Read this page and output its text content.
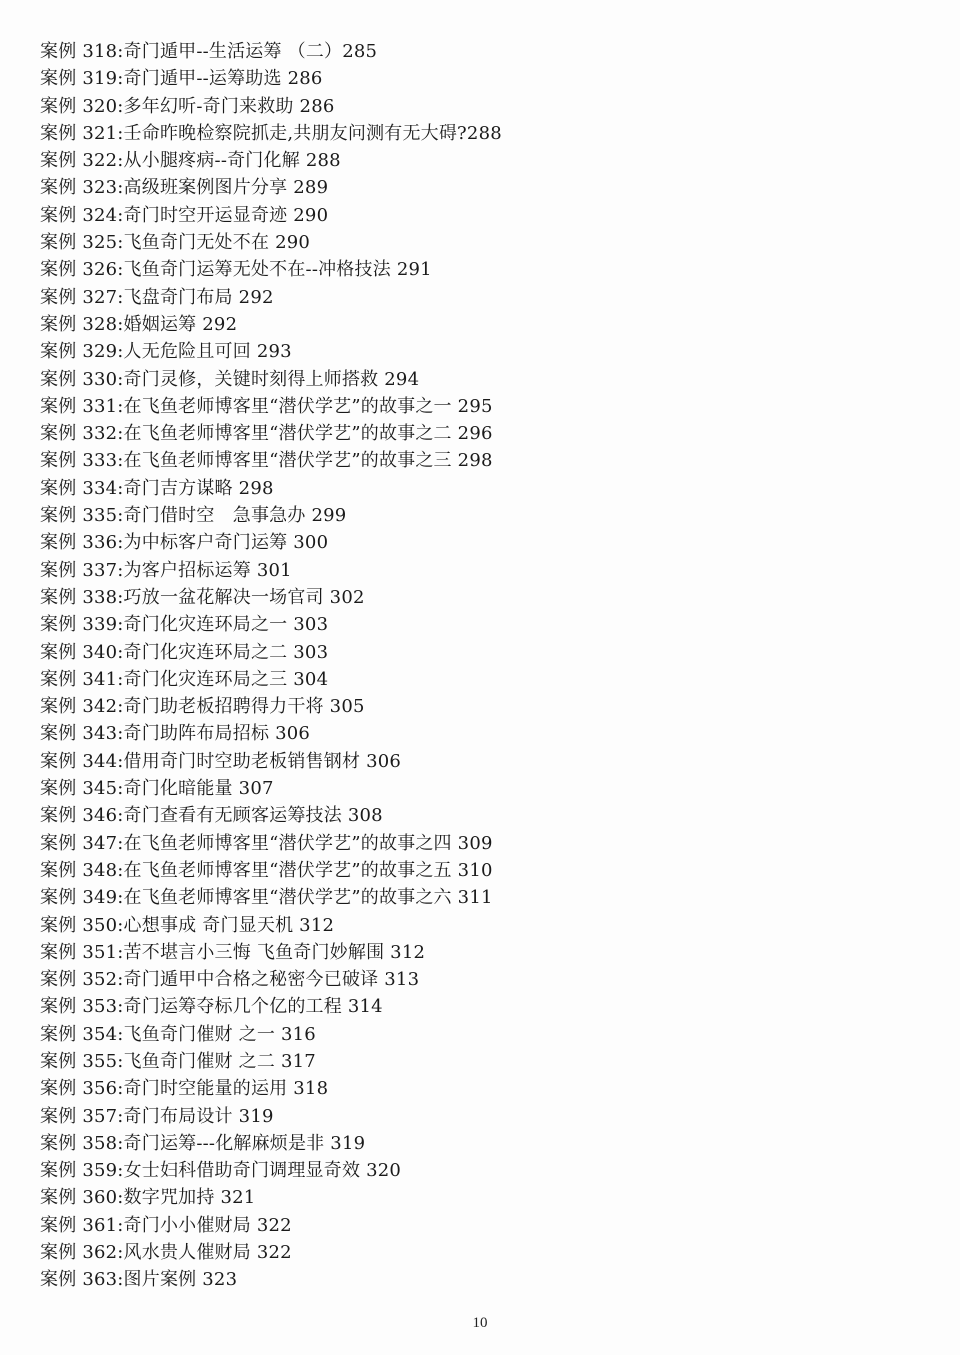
案例 318:奇门遁甲--生活运筹 （二）285
案例 319:奇门遁甲--运筹助选 286
案例 320:多年幻听-奇门来救助 286
案例 321:壬命昨晚检察院抓走,共朋友问测有无大碍?288
案例 322:从小腿疼病--奇门化解 288
案例 323:高级班案例图片分享 289
案例 324:奇门时空开运显奇迹 290
案例 325:飞鱼奇门无处不在 290
案例 326:飞鱼奇门运筹无处不在--冲格技法 291
案例 327:飞盘奇门布局 292
案例 328:婚姻运筹 292
案例 329:人无危险且可回 293
案例 330:奇门灵修，关键时刻得上师搭救 294
案例 331:在飞鱼老师博客里“潜伏学艺”的故事之一 295
案例 332:在飞鱼老师博客里“潜伏学艺”的故事之二 296
案例 333:在飞鱼老师博客里“潜伏学艺”的故事之三 298
案例 334:奇门吉方谋略 298
案例 335:奇门借时空　急事急办 299
案例 336:为中标客户奇门运筹 300
案例 337:为客户招标运筹 301
案例 338:巧放一盆花解决一场官司 302
案例 339:奇门化灾连环局之一 303
案例 340:奇门化灾连环局之二 303
案例 341:奇门化灾连环局之三 304
案例 342:奇门助老板招聘得力干将 305
案例 343:奇门助阵布局招标 306
案例 344:借用奇门时空助老板销售钢材 306
案例 345:奇门化暗能量 307
案例 346:奇门查看有无顾客运筹技法 308
案例 347:在飞鱼老师博客里“潜伏学艺”的故事之四 309
案例 348:在飞鱼老师博客里“潜伏学艺”的故事之五 310
案例 349:在飞鱼老师博客里“潜伏学艺”的故事之六 311
案例 350:心想事成 奇门显天机 312
案例 351:苦不堪言小三悔 飞鱼奇门妙解围 312
案例 352:奇门遁甲中合格之秘密今已破译 313
案例 353:奇门运筹夺标几个亿的工程 314
案例 354:飞鱼奇门催财 之一 316
案例 355:飞鱼奇门催财 之二 317
案例 356:奇门时空能量的运用 318
案例 357:奇门布局设计 319
案例 358:奇门运筹---化解麻烦是非 319
案例 359:女士妇科借助奇门调理显奇效 320
案例 360:数字咒加持 321
案例 361:奇门小小催财局 322
案例 362:风水贵人催财局 322
案例 363:图片案例 323
10
